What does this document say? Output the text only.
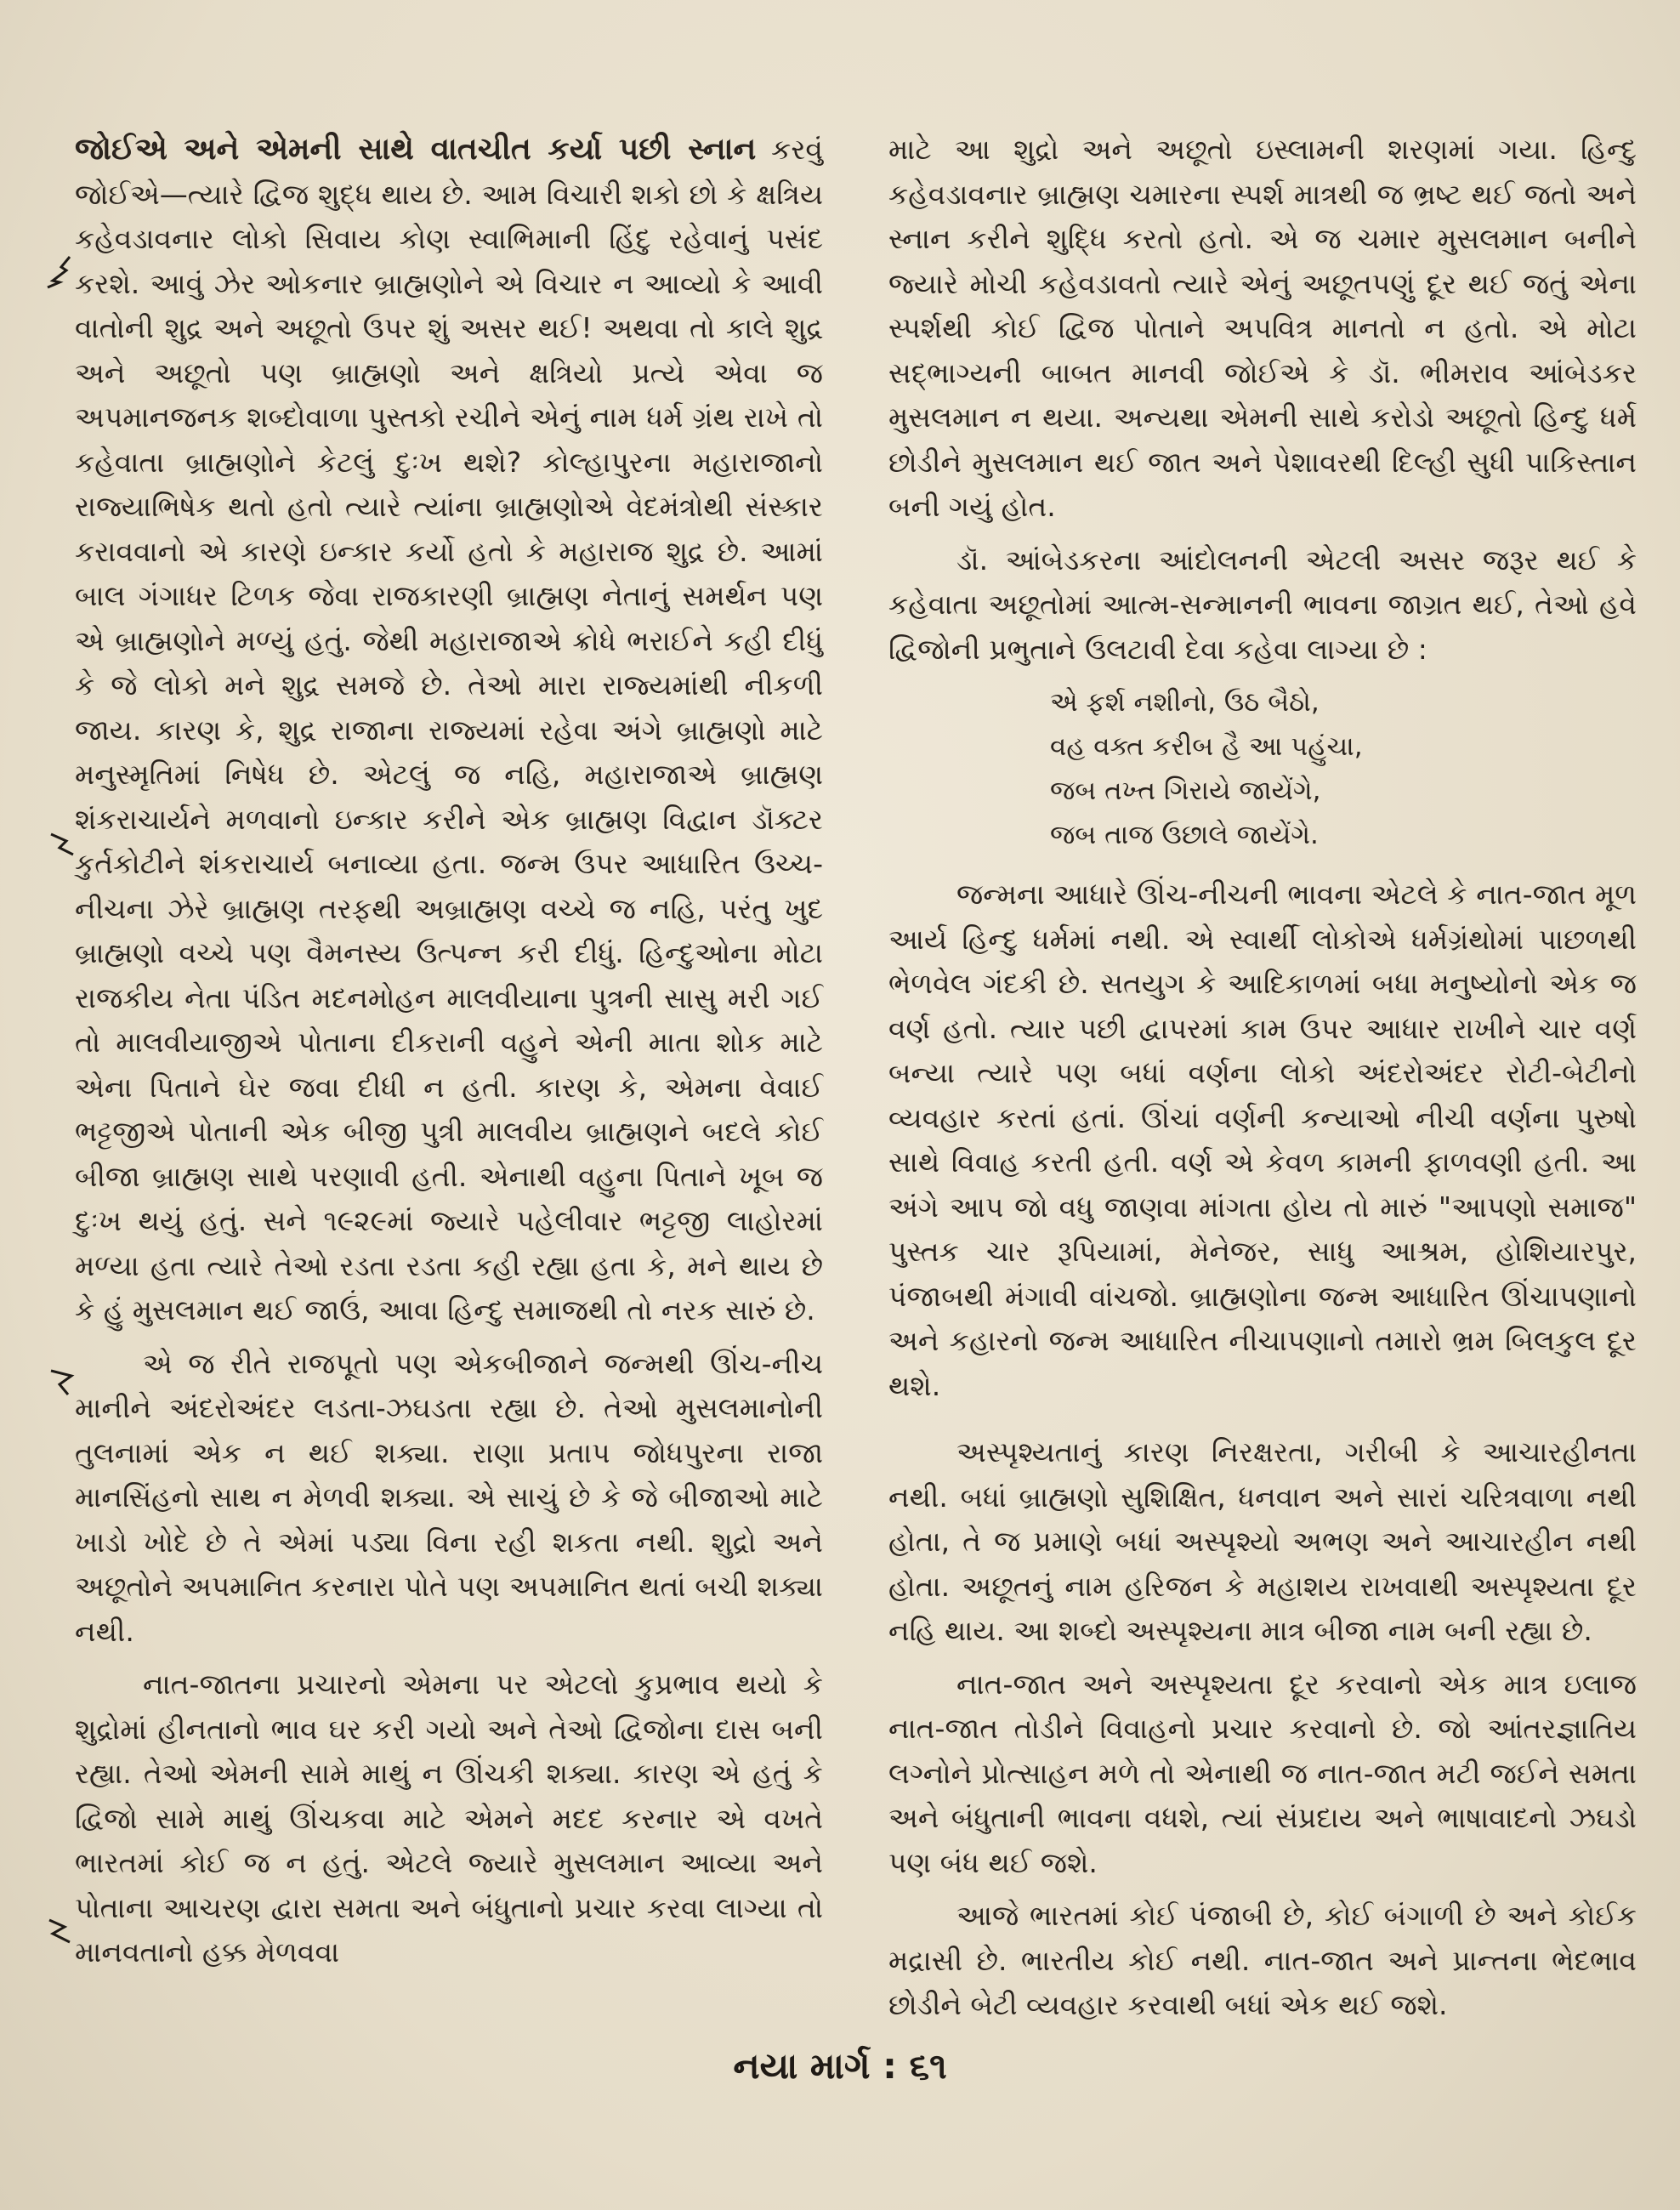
જોઈએ અને એમની સાથે વાતચીત કર્યા પછી સ્નાન કરવું જોઈએ—ત્યારે દ્વિજ શુદ્ધ થાય છે. આમ વિચારી શકો છો કે ક્ષત્રિય કહેવડાવનાર લોકો સિવાય કોણ સ્વાભિમાની હિંદુ રહેવાનું પસંદ કરશે. આવું ઝેર ઓકનાર બ્રાહ્મણોને એ વિચાર ન આવ્યો કે આવી વાતોની શુદ્ર અને અછૂતો ઉપર શું અસર થઈ! અથવા તો કાલે શુદ્ર અને અછૂતો પણ બ્રાહ્મણો અને ક્ષત્રિયો પ્રત્યે એવા જ અપમાનજનક શબ્દોવાળા પુસ્તકો રચીને એનું નામ ધર્મ ગ્રંથ રાખે તો કહેવાતા બ્રાહ્મણોને કેટલું દુઃખ થશે? કોલ્હાપુરના મહારાજાનો રાજ્યાભિષેક થતો હતો ત્યારે ત્યાંના બ્રાહ્મણોએ વેદમંત્રોથી સંસ્કાર કરાવવાનો એ કારણે ઇન્કાર કર્યો હતો કે મહારાજ શુદ્ર છે. આમાં બાલ ગંગાધર ટિળક જેવા રાજકારણી બ્રાહ્મણ નેતાનું સમર્થન પણ એ બ્રાહ્મણોને મળ્યું હતું. જેથી મહારાજાએ ક્રોધે ભરાઈને કહી દીધું કે જે લોકો મને શુદ્ર સમજે છે. તેઓ મારા રાજ્યમાંથી નીકળી જાય. કારણ કે, શુદ્ર રાજાના રાજ્યમાં રહેવા અંગે બ્રાહ્મણો માટે મનુસ્મૃતિમાં નિષેધ છે. એટલું જ નહિ, મહારાજાએ બ્રાહ્મણ શંકરાચાર્યને મળવાનો ઇન્કાર કરીને એક બ્રાહ્મણ વિદ્વાન ડૉક્ટર કુર્તકોટીને શંકરાચાર્ય બનાવ્યા હતા. જન્મ ઉપર આધારિત ઉચ્ચ-નીચના ઝેરે બ્રાહ્મણ તરફથી અબ્રાહ્મણ વચ્ચે જ નહિ, પરંતુ ખુદ બ્રાહ્મણો વચ્ચે પણ વૈમનસ્ય ઉત્પન્ન કરી દીધું. હિન્દુઓના મોટા રાજકીય નેતા પંડિત મદનમોહન માલવીયાના પુત્રની સાસુ મરી ગઈ તો માલવીયાજીએ પોતાના દીકરાની વહુને એની માતા શોક માટે એના પિતાને ઘેર જવા દીધી ન હતી. કારણ કે, એમના વેવાઈ ભટ્ટજીએ પોતાની એક બીજી પુત્રી માલવીય બ્રાહ્મણને બદલે કોઈ બીજા બ્રાહ્મણ સાથે પરણાવી હતી. એનાથી વહુના પિતાને ખૂબ જ દુઃખ થયું હતું. સને ૧૯૨૯માં જ્યારે પહેલીવાર ભટ્ટજી લાહોરમાં મળ્યા હતા ત્યારે તેઓ રડતા રડતા કહી રહ્યા હતા કે, મને થાય છે કે હું મુસલમાન થઈ જાઉં, આવા હિન્દુ સમાજથી તો નરક સારું છે.

એ જ રીતે રાજપૂતો પણ એકબીજાને જન્મથી ઊંચ-નીચ માનીને અંદરોઅંદર લડતા-ઝઘડતા રહ્યા છે. તેઓ મુસલમાનોની તુલનામાં એક ન થઈ શક્યા. રાણા પ્રતાપ જોધપુરના રાજા માનસિંહનો સાથ ન મેળવી શક્યા. એ સાચું છે કે જે બીજાઓ માટે ખાડો ખોદે છે તે એમાં પડ્યા વિના રહી શકતા નથી. શુદ્રો અને અછૂતોને અપમાનિત કરનારા પોતે પણ અપમાનિત થતાં બચી શક્યા નથી.

નાત-જાતના પ્રચારનો એમના પર એટલો કુપ્રભાવ થયો કે શુદ્રોમાં હીનતાનો ભાવ ઘર કરી ગયો અને તેઓ દ્વિજોના દાસ બની રહ્યા. તેઓ એમની સામે માથું ન ઊંચકી શક્યા. કારણ એ હતું કે દ્વિજો સામે માથું ઊંચકવા માટે એમને મદદ કરનાર એ વખતે ભારતમાં કોઈ જ ન હતું. એટલે જ્યારે મુસલમાન આવ્યા અને પોતાના આચરણ દ્વારા સમતા અને બંધુતાનો પ્રચાર કરવા લાગ્યા તો માનવતાનો હક્ક મેળવવા

માટે આ શુદ્રો અને અછૂતો ઇસ્લામની શરણમાં ગયા. હિન્દુ કહેવડાવનાર બ્રાહ્મણ ચમારના સ્પર્શ માત્રથી જ ભ્રષ્ટ થઈ જતો અને સ્નાન કરીને શુદ્ધિ કરતો હતો. એ જ ચમાર મુસલમાન બનીને જ્યારે મોચી કહેવડાવતો ત્યારે એનું અછૂતપણું દૂર થઈ જતું એના સ્પર્શથી કોઈ દ્વિજ પોતાને અપવિત્ર માનતો ન હતો. એ મોટા સદ્ભાગ્યની બાબત માનવી જોઈએ કે ડૉ. ભીમરાવ આંબેડકર મુસલમાન ન થયા. અન્યથા એમની સાથે કરોડો અછૂતો હિન્દુ ધર્મ છોડીને મુસલમાન થઈ જાત અને પેશાવરથી દિલ્હી સુધી પાકિસ્તાન બની ગયું હોત.

ડૉ. આંબેડકરના આંદોલનની એટલી અસર જરૂર થઈ કે કહેવાતા અછૂતોમાં આત્મ-સન્માનની ભાવના જાગ્રત થઈ, તેઓ હવે દ્વિજોની પ્રભુતાને ઉલટાવી દેવા કહેવા લાગ્યા છે :

એ ફર્શ નશીનો, ઉઠ બૈઠો,
વહ વક્ત કરીબ હૈ આ પહુંચા,
જબ તખ્ત ગિરાયે જાયેંગે,
જબ તાજ ઉછાલે જાયેંગે.

જન્મના આધારે ઊંચ-નીચની ભાવના એટલે કે નાત-જાત મૂળ આર્ય હિન્દુ ધર્મમાં નથી. એ સ્વાર્થી લોકોએ ધર્મગ્રંથોમાં પાછળથી ભેળવેલ ગંદકી છે. સતયુગ કે આદિકાળમાં બધા મનુષ્યોનો એક જ વર્ણ હતો. ત્યાર પછી દ્વાપરમાં કામ ઉપર આધાર રાખીને ચાર વર્ણ બન્યા ત્યારે પણ બધાં વર્ણના લોકો અંદરોઅંદર રોટી-બેટીનો વ્યવહાર કરતાં હતાં. ઊંચાં વર્ણની કન્યાઓ નીચી વર્ણના પુરુષો સાથે વિવાહ કરતી હતી. વર્ણ એ કેવળ કામની ફાળવણી હતી. આ અંગે આપ જો વધુ જાણવા માંગતા હોય તો મારું "આપણો સમાજ" પુસ્તક ચાર રૂપિયામાં, મેનેજર, સાધુ આશ્રમ, હોશિયારપુર, પંજાબથી મંગાવી વાંચજો. બ્રાહ્મણોના જન્મ આધારિત ઊંચાપણાનો અને કહારનો જન્મ આધારિત નીચાપણાનો તમારો ભ્રમ બિલકુલ દૂર થશે.

અસ્પૃશ્યતાનું કારણ નિરક્ષરતા, ગરીબી કે આચારહીનતા નથી. બધાં બ્રાહ્મણો સુશિક્ષિત, ધનવાન અને સારાં ચરિત્રવાળા નથી હોતા, તે જ પ્રમાણે બધાં અસ્પૃશ્યો અભણ અને આચારહીન નથી હોતા. અછૂતનું નામ હરિજન કે મહાશય રાખવાથી અસ્પૃશ્યતા દૂર નહિ થાય. આ શબ્દો અસ્પૃશ્યના માત્ર બીજા નામ બની રહ્યા છે.

નાત-જાત અને અસ્પૃશ્યતા દૂર કરવાનો એક માત્ર ઇલાજ નાત-જાત તોડીને વિવાહનો પ્રચાર કરવાનો છે. જો આંતરજ્ઞાતિય લગ્નોને પ્રોત્સાહન મળે તો એનાથી જ નાત-જાત મટી જઈને સમતા અને બંધુતાની ભાવના વધશે, ત્યાં સંપ્રદાય અને ભાષાવાદનો ઝઘડો પણ બંધ થઈ જશે.

આજે ભારતમાં કોઈ પંજાબી છે, કોઈ બંગાળી છે અને કોઈક મદ્રાસી છે. ભારતીય કોઈ નથી. નાત-જાત અને પ્રાન્તના ભેદભાવ છોડીને બેટી વ્યવહાર કરવાથી બધાં એક થઈ જશે.

નયા માર્ગ : ૬૧
